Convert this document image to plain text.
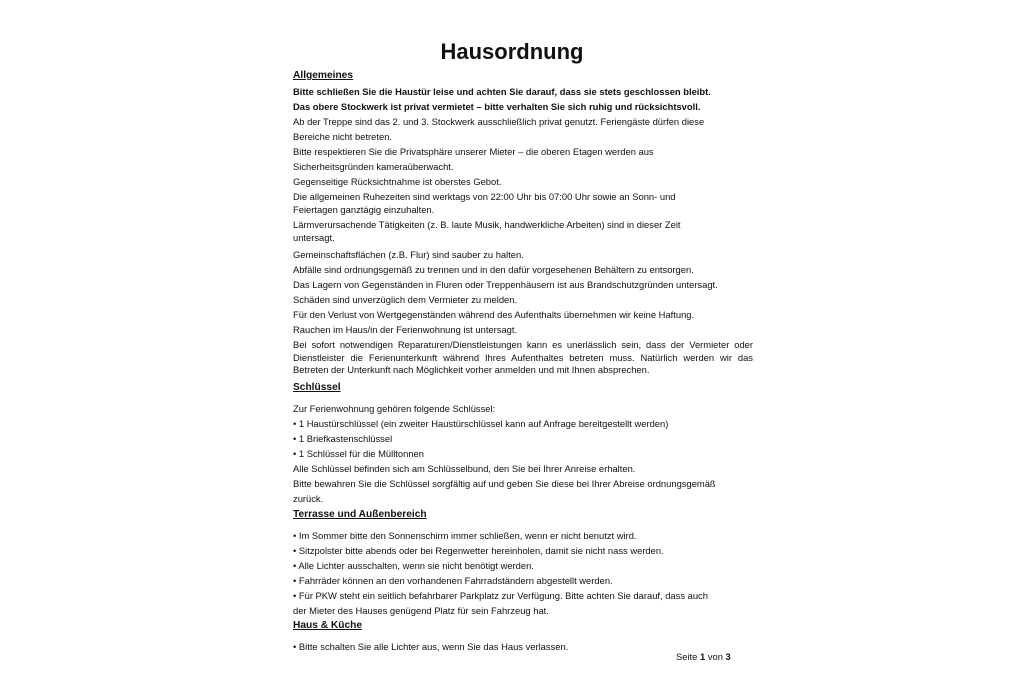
Hausordnung

Allgemeines

Bitte schließen Sie die Haustür leise und achten Sie darauf, dass sie stets geschlossen bleibt.

Das obere Stockwerk ist privat vermietet – bitte verhalten Sie sich ruhig und rücksichtsvoll.

Ab der Treppe sind das 2. und 3. Stockwerk ausschließlich privat genutzt. Feriengäste dürfen diese

Bereiche nicht betreten.

Bitte respektieren Sie die Privatsphäre unserer Mieter – die oberen Etagen werden aus

Sicherheitsgründen kameraüberwacht.

Gegenseitige Rücksichtnahme ist oberstes Gebot.

Die allgemeinen Ruhezeiten sind werktags von 22:00 Uhr bis 07:00 Uhr sowie an Sonn- und

Feiertagen ganztägig einzuhalten.

Lärmverursachende Tätigkeiten (z. B. laute Musik, handwerkliche Arbeiten) sind in dieser Zeit

untersagt.

Gemeinschaftsflächen (z.B. Flur) sind sauber zu halten.

Abfälle sind ordnungsgemäß zu trennen und in den dafür vorgesehenen Behältern zu entsorgen.

Das Lagern von Gegenständen in Fluren oder Treppenhäusern ist aus Brandschutzgründen untersagt.

Schäden sind unverzüglich dem Vermieter zu melden.

Für den Verlust von Wertgegenständen während des Aufenthalts übernehmen wir keine Haftung.

Rauchen im Haus/in der Ferienwohnung ist untersagt.

Bei sofort notwendigen Reparaturen/Dienstleistungen kann es unerlässlich sein, dass der Vermieter oder Dienstleister die Ferienunterkunft während Ihres Aufenthaltes betreten muss. Natürlich werden wir das Betreten der Unterkunft nach Möglichkeit vorher anmelden und mit Ihnen absprechen.

Schlüssel

Zur Ferienwohnung gehören folgende Schlüssel:

• 1 Haustürschlüssel (ein zweiter Haustürschlüssel kann auf Anfrage bereitgestellt werden)

• 1 Briefkastenschlüssel

• 1 Schlüssel für die Mülltonnen

Alle Schlüssel befinden sich am Schlüsselbund, den Sie bei Ihrer Anreise erhalten.

Bitte bewahren Sie die Schlüssel sorgfältig auf und geben Sie diese bei Ihrer Abreise ordnungsgemäß

zurück.

Terrasse und Außenbereich

• Im Sommer bitte den Sonnenschirm immer schließen, wenn er nicht benutzt wird.

• Sitzpolster bitte abends oder bei Regenwetter hereinholen, damit sie nicht nass werden.

• Alle Lichter ausschalten, wenn sie nicht benötigt werden.

• Fahrräder können an den vorhandenen Fahrradständern abgestellt werden.

• Für PKW steht ein seitlich befahrbarer Parkplatz zur Verfügung. Bitte achten Sie darauf, dass auch

der Mieter des Hauses genügend Platz für sein Fahrzeug hat.

Haus & Küche

• Bitte schalten Sie alle Lichter aus, wenn Sie das Haus verlassen.

Seite 1 von 3
